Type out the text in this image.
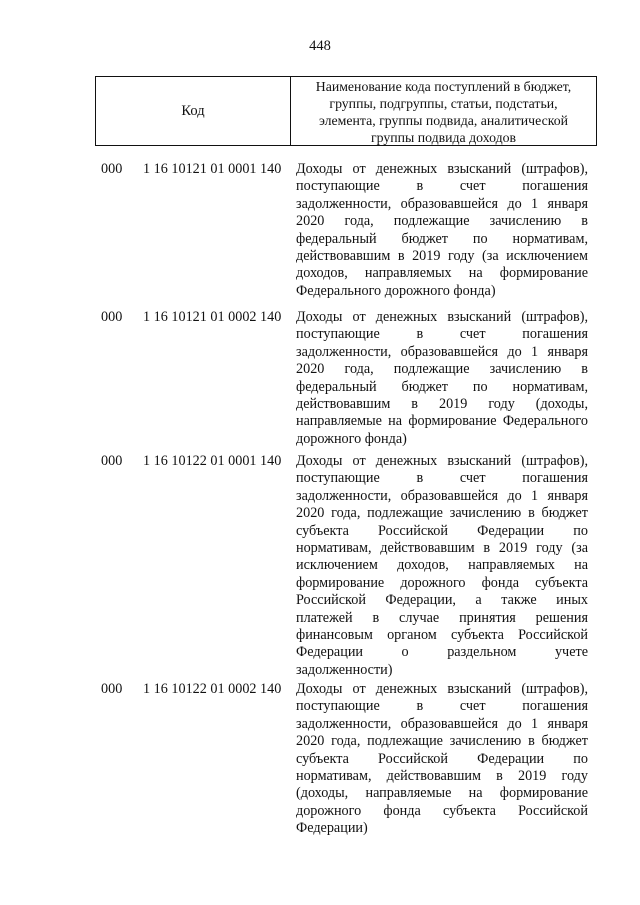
448
Код
Наименование кода поступлений в бюджет,
группы, подгруппы, статьи, подстатьи,
элемента, группы подвида, аналитической
группы подвида доходов
000	1 16 10121 01 0001 140	Доходы от денежных взысканий (штрафов),
поступающие в счет погашения
задолженности, образовавшейся до 1 января
2020 года, подлежащие зачислению в
федеральный бюджет по нормативам,
действовавшим в 2019 году (за исключением
доходов, направляемых на формирование
Федерального дорожного фонда)
000	1 16 10121 01 0002 140	Доходы от денежных взысканий (штрафов),
поступающие в счет погашения
задолженности, образовавшейся до 1 января
2020 года, подлежащие зачислению в
федеральный бюджет по нормативам,
действовавшим в 2019 году (доходы,
направляемые на формирование Федерального
дорожного фонда)
000	1 16 10122 01 0001 140	Доходы от денежных взысканий (штрафов),
поступающие в счет погашения
задолженности, образовавшейся до 1 января
2020 года, подлежащие зачислению в бюджет
субъекта Российской Федерации по
нормативам, действовавшим в 2019 году (за
исключением доходов, направляемых на
формирование дорожного фонда субъекта
Российской Федерации, а также иных
платежей в случае принятия решения
финансовым органом субъекта Российской
Федерации о раздельном учете
задолженности)
000	1 16 10122 01 0002 140	Доходы от денежных взысканий (штрафов),
поступающие в счет погашения
задолженности, образовавшейся до 1 января
2020 года, подлежащие зачислению в бюджет
субъекта Российской Федерации по
нормативам, действовавшим в 2019 году
(доходы, направляемые на формирование
дорожного фонда субъекта Российской
Федерации)
